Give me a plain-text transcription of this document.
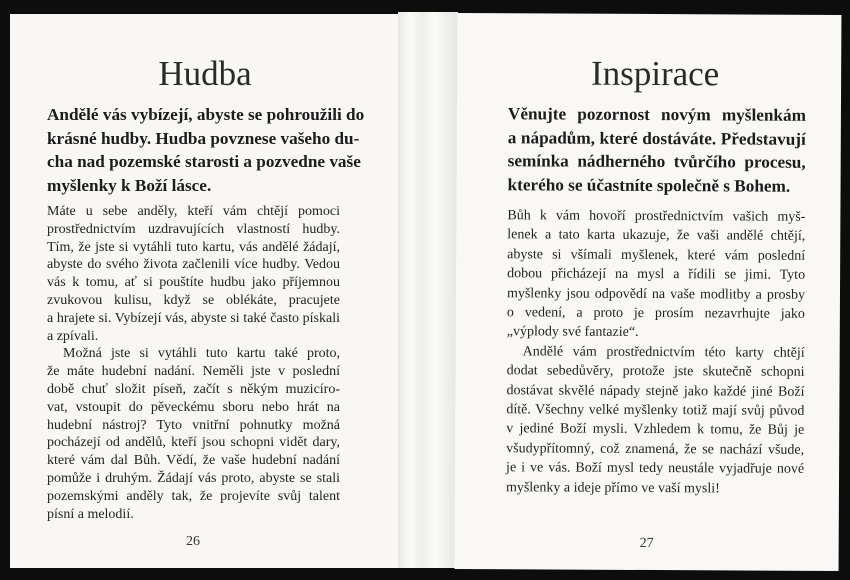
Hudba
Andělé vás vybízejí, abyste se pohroužili do
krásné hudby. Hudba povznese vašeho du-
cha nad pozemské starosti a pozvedne vaše
myšlenky k Boží lásce.
Máte u sebe anděly, kteří vám chtějí pomoci
prostřednictvím uzdravujících vlastností hudby.
Tím, že jste si vytáhli tuto kartu, vás andělé žádají,
abyste do svého života začlenili více hudby. Vedou
vás k tomu, ať si pouštíte hudbu jako příjemnou
zvukovou kulisu, když se oblékáte, pracujete
a hrajete si. Vybízejí vás, abyste si také často pískali
a zpívali.
Možná jste si vytáhli tuto kartu také proto,
že máte hudební nadání. Neměli jste v poslední
době chuť složit píseň, začít s někým muzicíro-
vat, vstoupit do pěveckému sboru nebo hrát na
hudební nástroj? Tyto vnitřní pohnutky možná
pocházejí od andělů, kteří jsou schopni vidět dary,
které vám dal Bůh. Vědí, že vaše hudební nadání
pomůže i druhým. Žádají vás proto, abyste se stali
pozemskými anděly tak, že projevíte svůj talent
písní a melodií.
26
Inspirace
Věnujte pozornost novým myšlenkám
a nápadům, které dostáváte. Představují
semínka nádherného tvůrčího procesu,
kterého se účastníte společně s Bohem.
Bůh k vám hovoří prostřednictvím vašich myš-
lenek a tato karta ukazuje, že vaši andělé chtějí,
abyste si všímali myšlenek, které vám poslední
dobou přicházejí na mysl a řídili se jimi. Tyto
myšlenky jsou odpovědí na vaše modlitby a prosby
o vedení, a proto je prosím nezavrhujte jako
„výplody své fantazie“.
Andělé vám prostřednictvím této karty chtějí
dodat sebedůvěry, protože jste skutečně schopni
dostávat skvělé nápady stejně jako každé jiné Boží
dítě. Všechny velké myšlenky totiž mají svůj původ
v jediné Boží mysli. Vzhledem k tomu, že Bůj je
všudypřítomný, což znamená, že se nachází všude,
je i ve vás. Boží mysl tedy neustále vyjadřuje nové
myšlenky a ideje přímo ve vaší mysli!
27
